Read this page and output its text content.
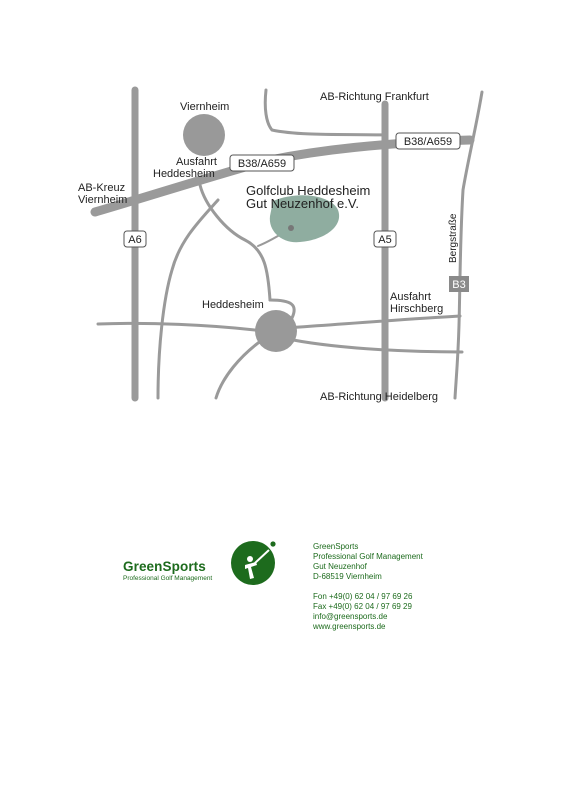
B38/A659
B38/A659
A6	A5
B3
Viernheim
AB-Richtung Frankfurt
Ausfahrt
Heddesheim
AB-Kreuz
Viernheim
Golfclub Heddesheim
Gut Neuzenhof e.V.
Bergstraße
Heddesheim
Ausfahrt
Hirschberg
AB-Richtung Heidelberg
GreenSports
Professional Golf Management
GreenSports
Professional Golf Management
Gut Neuzenhof
D-68519 Viernheim
Fon +49(0) 62 04 / 97 69 26
Fax +49(0) 62 04 / 97 69 29
info@greensports.de
www.greensports.de
